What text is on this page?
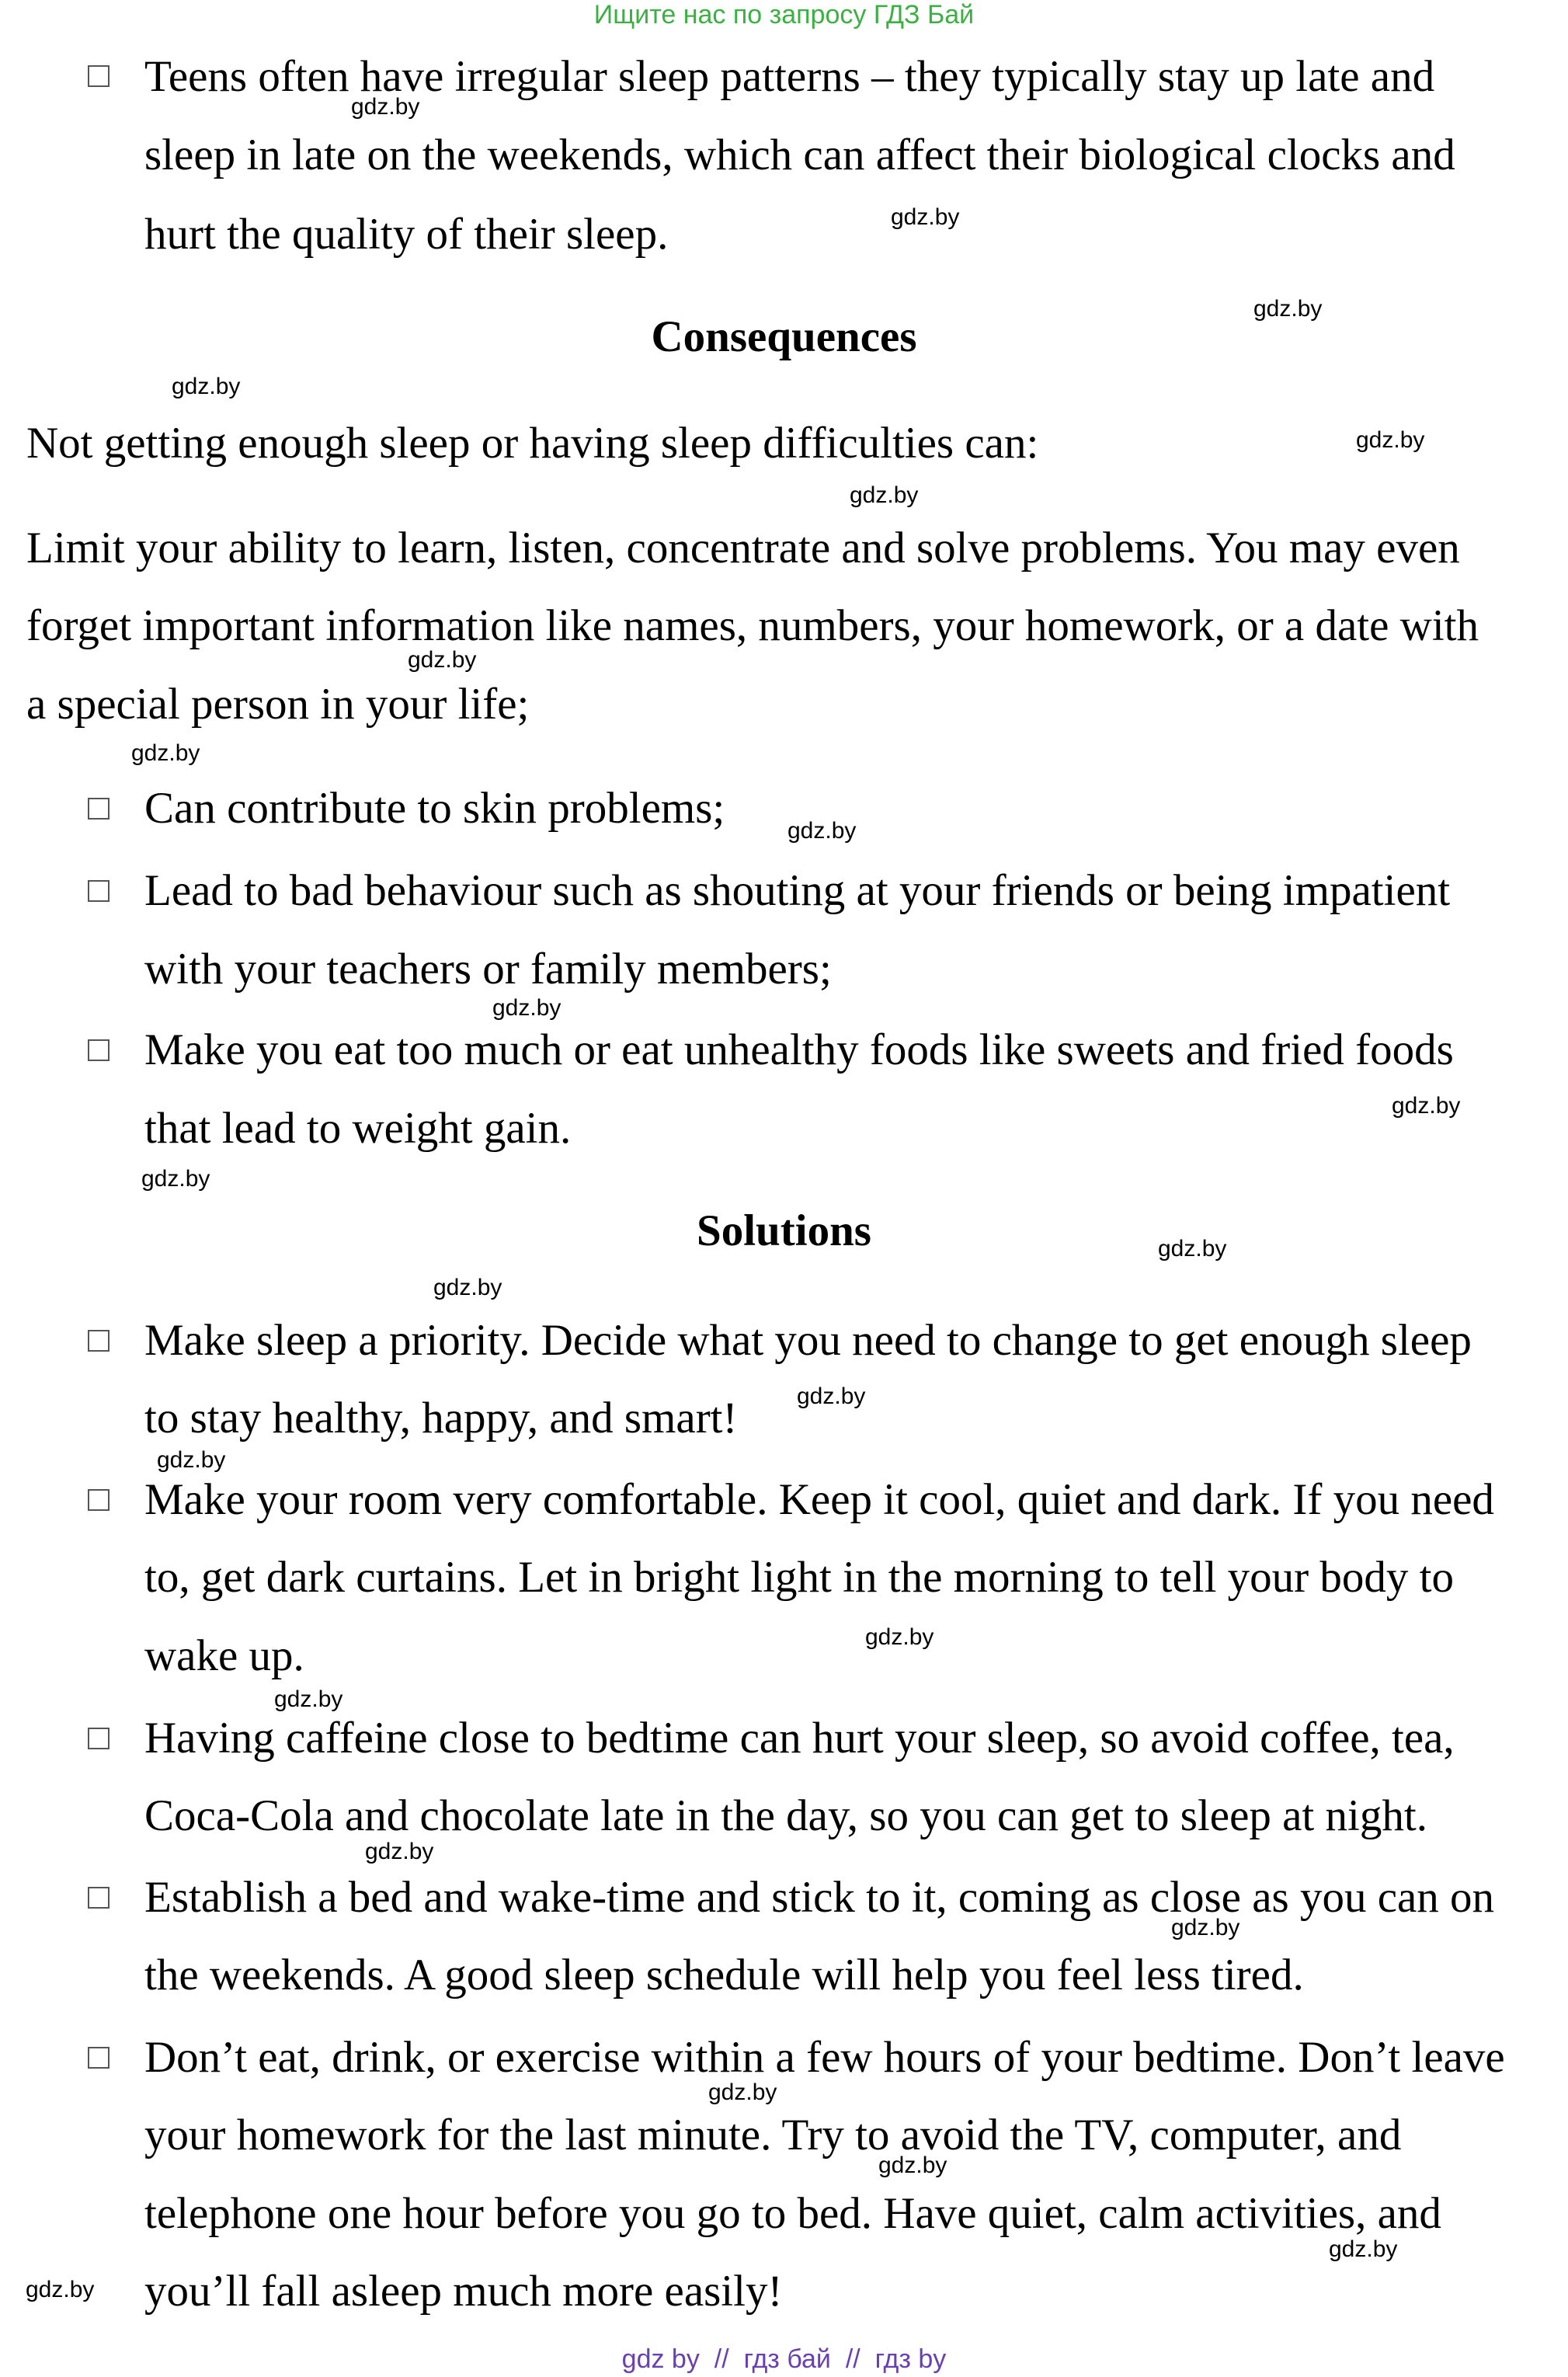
Ищите нас по запросу ГДЗ Бай
Teens often have irregular sleep patterns – they typically stay up late and
sleep in late on the weekends, which can affect their biological clocks and
hurt the quality of their sleep.
Consequences
Not getting enough sleep or having sleep difficulties can:
Limit your ability to learn, listen, concentrate and solve problems. You may even
forget important information like names, numbers, your homework, or a date with
a special person in your life;
Can contribute to skin problems;
Lead to bad behaviour such as shouting at your friends or being impatient
with your teachers or family members;
Make you eat too much or eat unhealthy foods like sweets and fried foods
that lead to weight gain.
Solutions
Make sleep a priority. Decide what you need to change to get enough sleep
to stay healthy, happy, and smart!
Make your room very comfortable. Keep it cool, quiet and dark. If you need
to, get dark curtains. Let in bright light in the morning to tell your body to
wake up.
Having caffeine close to bedtime can hurt your sleep, so avoid coffee, tea,
Coca-Cola and chocolate late in the day, so you can get to sleep at night.
Establish a bed and wake-time and stick to it, coming as close as you can on
the weekends. A good sleep schedule will help you feel less tired.
Don’t eat, drink, or exercise within a few hours of your bedtime. Don’t leave
your homework for the last minute. Try to avoid the TV, computer, and
telephone one hour before you go to bed. Have quiet, calm activities, and
you’ll fall asleep much more easily!
gdz.by
gdz.by
gdz.by
gdz.by
gdz.by
gdz.by
gdz.by
gdz.by
gdz.by
gdz.by
gdz.by
gdz.by
gdz.by
gdz.by
gdz.by
gdz.by
gdz.by
gdz.by
gdz.by
gdz.by
gdz.by
gdz.by
gdz.by
gdz.by
gdz by // гдз бай // гдз by
